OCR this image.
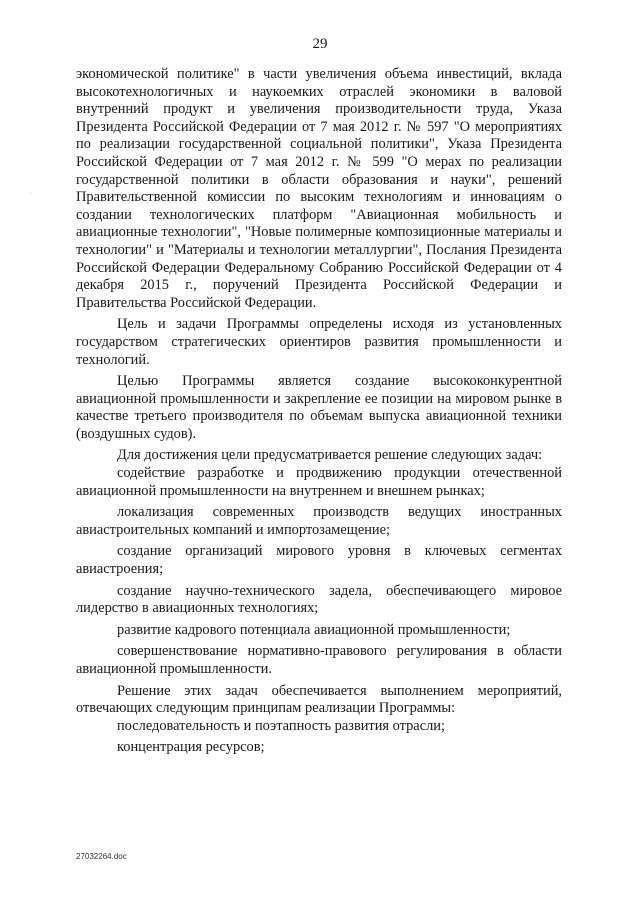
29

экономической политике" в части увеличения объема инвестиций, вклада высокотехнологичных и наукоемких отраслей экономики в валовой внутренний продукт и увеличения производительности труда, Указа Президента Российской Федерации от 7 мая 2012 г. № 597 "О мероприятиях по реализации государственной социальной политики", Указа Президента Российской Федерации от 7 мая 2012 г. № 599 "О мерах по реализации государственной политики в области образования и науки", решений Правительственной комиссии по высоким технологиям и инновациям о создании технологических платформ "Авиационная мобильность и авиационные технологии", "Новые полимерные композиционные материалы и технологии" и "Материалы и технологии металлургии", Послания Президента Российской Федерации Федеральному Собранию Российской Федерации от 4 декабря 2015 г., поручений Президента Российской Федерации и Правительства Российской Федерации.

Цель и задачи Программы определены исходя из установленных государством стратегических ориентиров развития промышленности и технологий.

Целью Программы является создание высококонкурентной авиационной промышленности и закрепление ее позиции на мировом рынке в качестве третьего производителя по объемам выпуска авиационной техники (воздушных судов).

Для достижения цели предусматривается решение следующих задач:

содействие разработке и продвижению продукции отечественной авиационной промышленности на внутреннем и внешнем рынках;

локализация современных производств ведущих иностранных авиастроительных компаний и импортозамещение;

создание организаций мирового уровня в ключевых сегментах авиастроения;

создание научно-технического задела, обеспечивающего мировое лидерство в авиационных технологиях;

развитие кадрового потенциала авиационной промышленности;

совершенствование нормативно-правового регулирования в области авиационной промышленности.

Решение этих задач обеспечивается выполнением мероприятий, отвечающих следующим принципам реализации Программы:

последовательность и поэтапность развития отрасли;

концентрация ресурсов;

·
27032264.doc
